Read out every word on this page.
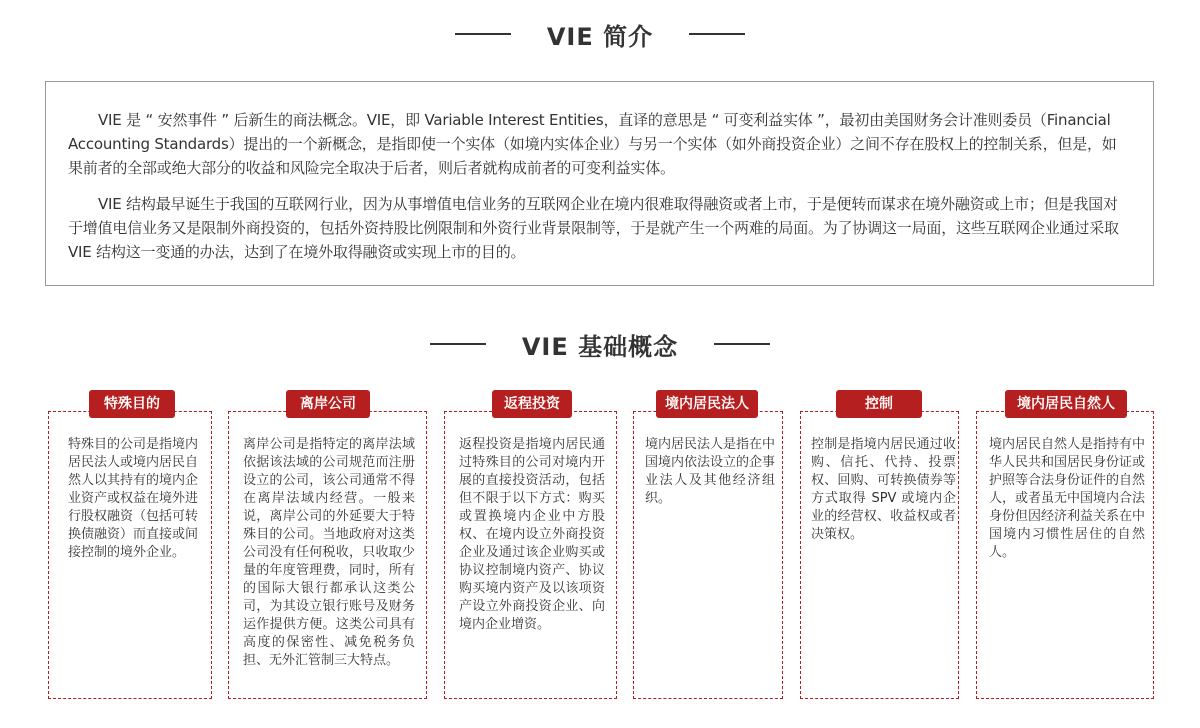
VIE 简介

VIE 是 “ 安然事件 ” 后新生的商法概念。VIE，即 Variable Interest Entities，直译的意思是 “ 可变利益实体 ”，最初由美国财务会计准则委员（Financial Accounting Standards）提出的一个新概念，是指即使一个实体（如境内实体企业）与另一个实体（如外商投资企业）之间不存在股权上的控制关系，但是，如果前者的全部或绝大部分的收益和风险完全取决于后者，则后者就构成前者的可变利益实体。

VIE 结构最早诞生于我国的互联网行业，因为从事增值电信业务的互联网企业在境内很难取得融资或者上市，于是便转而谋求在境外融资或上市；但是我国对于增值电信业务又是限制外商投资的，包括外资持股比例限制和外资行业背景限制等，于是就产生一个两难的局面。为了协调这一局面，这些互联网企业通过采取 VIE 结构这一变通的办法，达到了在境外取得融资或实现上市的目的。

VIE 基础概念
特殊目的
特殊目的公司是指境内居民法人或境内居民自然人以其持有的境内企业资产或权益在境外进行股权融资（包括可转换债融资）而直接或间接控制的境外企业。
离岸公司
离岸公司是指特定的离岸法域依据该法域的公司规范而注册设立的公司，该公司通常不得在离岸法域内经营。一般来说，离岸公司的外延要大于特殊目的公司。当地政府对这类公司没有任何税收，只收取少量的年度管理费，同时，所有的国际大银行都承认这类公司，为其设立银行账号及财务运作提供方便。这类公司具有高度的保密性、减免税务负担、无外汇管制三大特点。
返程投资
返程投资是指境内居民通过特殊目的公司对境内开展的直接投资活动，包括但不限于以下方式：购买或置换境内企业中方股权、在境内设立外商投资企业及通过该企业购买或协议控制境内资产、协议购买境内资产及以该项资产设立外商投资企业、向境内企业增资。
境内居民法人
境内居民法人是指在中国境内依法设立的企事业法人及其他经济组织。
控制
控制是指境内居民通过收购、信托、代持、投票权、回购、可转换债券等方式取得 SPV 或境内企业的经营权、收益权或者决策权。
境内居民自然人
境内居民自然人是指持有中华人民共和国居民身份证或护照等合法身份证件的自然人，或者虽无中国境内合法身份但因经济利益关系在中国境内习惯性居住的自然人。
